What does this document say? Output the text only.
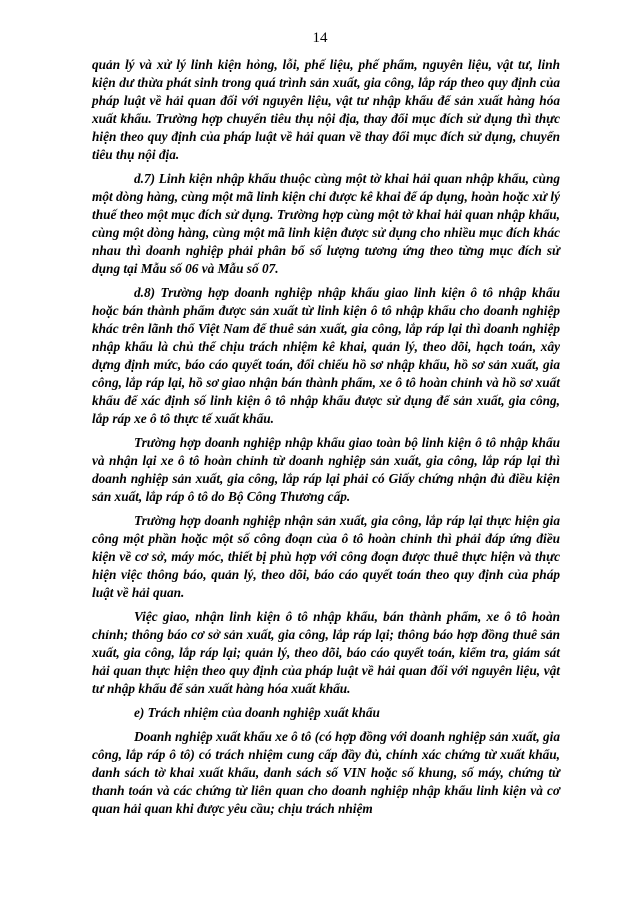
14

quản lý và xử lý linh kiện hỏng, lỗi, phế liệu, phế phẩm, nguyên liệu, vật tư, linh kiện dư thừa phát sinh trong quá trình sản xuất, gia công, lắp ráp theo quy định của pháp luật về hải quan đối với nguyên liệu, vật tư nhập khẩu để sản xuất hàng hóa xuất khẩu. Trường hợp chuyển tiêu thụ nội địa, thay đổi mục đích sử dụng thì thực hiện theo quy định của pháp luật về hải quan về thay đổi mục đích sử dụng, chuyển tiêu thụ nội địa.

d.7) Linh kiện nhập khẩu thuộc cùng một tờ khai hải quan nhập khẩu, cùng một dòng hàng, cùng một mã linh kiện chỉ được kê khai để áp dụng, hoàn hoặc xử lý thuế theo một mục đích sử dụng. Trường hợp cùng một tờ khai hải quan nhập khẩu, cùng một dòng hàng, cùng một mã linh kiện được sử dụng cho nhiều mục đích khác nhau thì doanh nghiệp phải phân bổ số lượng tương ứng theo từng mục đích sử dụng tại Mẫu số 06 và Mẫu số 07.

d.8) Trường hợp doanh nghiệp nhập khẩu giao linh kiện ô tô nhập khẩu hoặc bán thành phẩm được sản xuất từ linh kiện ô tô nhập khẩu cho doanh nghiệp khác trên lãnh thổ Việt Nam để thuê sản xuất, gia công, lắp ráp lại thì doanh nghiệp nhập khẩu là chủ thể chịu trách nhiệm kê khai, quản lý, theo dõi, hạch toán, xây dựng định mức, báo cáo quyết toán, đối chiếu hồ sơ nhập khẩu, hồ sơ sản xuất, gia công, lắp ráp lại, hồ sơ giao nhận bán thành phẩm, xe ô tô hoàn chỉnh và hồ sơ xuất khẩu để xác định số linh kiện ô tô nhập khẩu được sử dụng để sản xuất, gia công, lắp ráp xe ô tô thực tế xuất khẩu.

Trường hợp doanh nghiệp nhập khẩu giao toàn bộ linh kiện ô tô nhập khẩu và nhận lại xe ô tô hoàn chỉnh từ doanh nghiệp sản xuất, gia công, lắp ráp lại thì doanh nghiệp sản xuất, gia công, lắp ráp lại phải có Giấy chứng nhận đủ điều kiện sản xuất, lắp ráp ô tô do Bộ Công Thương cấp.

Trường hợp doanh nghiệp nhận sản xuất, gia công, lắp ráp lại thực hiện gia công một phần hoặc một số công đoạn của ô tô hoàn chỉnh thì phải đáp ứng điều kiện về cơ sở, máy móc, thiết bị phù hợp với công đoạn được thuê thực hiện và thực hiện việc thông báo, quản lý, theo dõi, báo cáo quyết toán theo quy định của pháp luật về hải quan.

Việc giao, nhận linh kiện ô tô nhập khẩu, bán thành phẩm, xe ô tô hoàn chỉnh; thông báo cơ sở sản xuất, gia công, lắp ráp lại; thông báo hợp đồng thuê sản xuất, gia công, lắp ráp lại; quản lý, theo dõi, báo cáo quyết toán, kiểm tra, giám sát hải quan thực hiện theo quy định của pháp luật về hải quan đối với nguyên liệu, vật tư nhập khẩu để sản xuất hàng hóa xuất khẩu.

e) Trách nhiệm của doanh nghiệp xuất khẩu

Doanh nghiệp xuất khẩu xe ô tô (có hợp đồng với doanh nghiệp sản xuất, gia công, lắp ráp ô tô) có trách nhiệm cung cấp đầy đủ, chính xác chứng từ xuất khẩu, danh sách tờ khai xuất khẩu, danh sách số VIN hoặc số khung, số máy, chứng từ thanh toán và các chứng từ liên quan cho doanh nghiệp nhập khẩu linh kiện và cơ quan hải quan khi được yêu cầu; chịu trách nhiệm
